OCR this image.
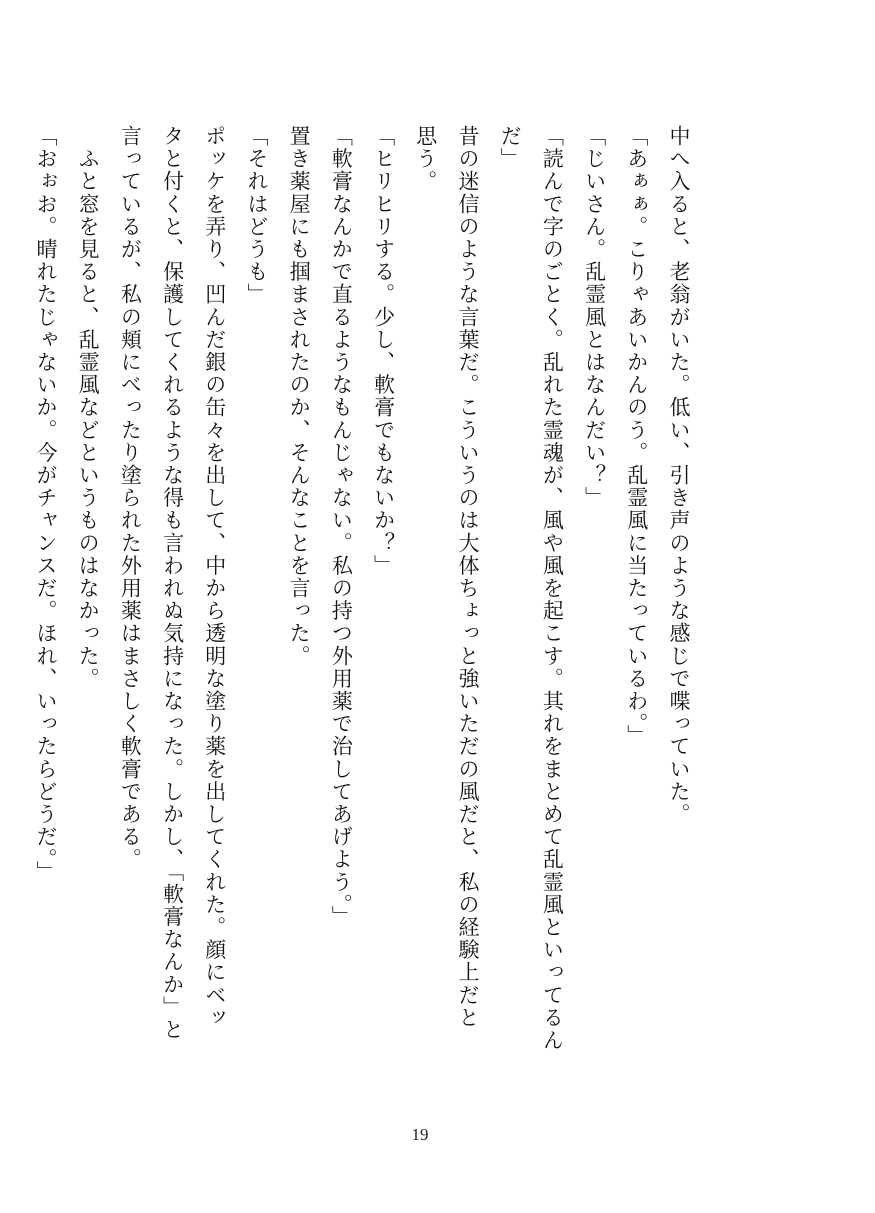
中へ入ると、老翁がいた。低い、引き声のような感じで喋っていた。
「あぁぁ。こりゃあいかんのう。乱霊風に当たっているわ。」
「じいさん。乱霊風とはなんだい？」
「読んで字のごとく。乱れた霊魂が、風や風を起こす。其れをまとめて乱霊風といってるん
だ」
昔の迷信のような言葉だ。こういうのは大体ちょっと強いただの風だと、私の経験上だと
思う。
「ヒリヒリする。少し、軟膏でもないか？」
「軟膏なんかで直るようなもんじゃない。私の持つ外用薬で治してあげよう。」
置き薬屋にも掴まされたのか、そんなことを言った。
「それはどうも」
ポッケを弄り、凹んだ銀の缶々を出して、中から透明な塗り薬を出してくれた。顔にベッ
タと付くと、保護してくれるような得も言われぬ気持になった。しかし、「軟膏なんか」と
言っているが、私の頬にべったり塗られた外用薬はまさしく軟膏である。
　ふと窓を見ると、乱霊風などというものはなかった。
「おぉお。晴れたじゃないか。今がチャンスだ。ほれ、いったらどうだ。」
19
